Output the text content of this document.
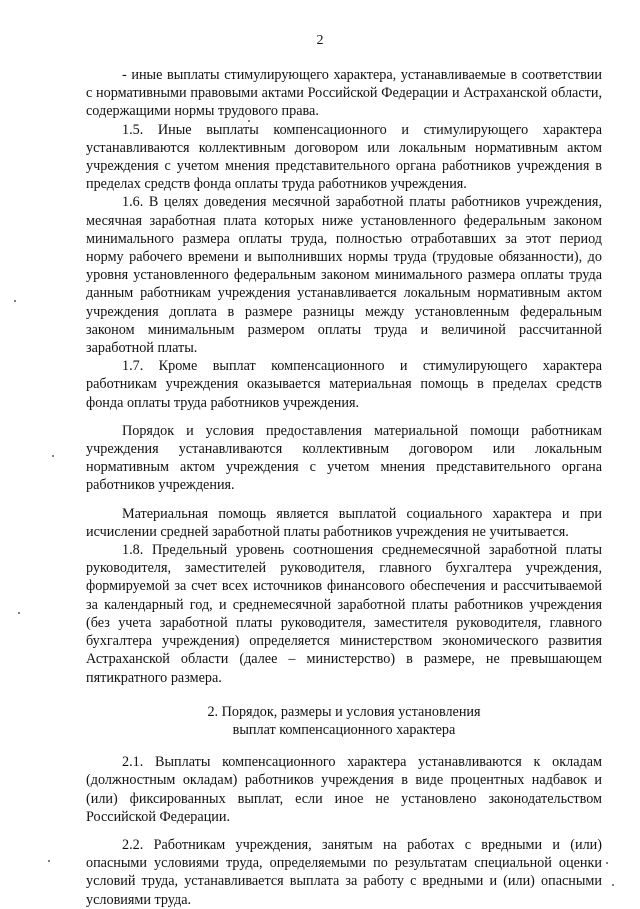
2

- иные выплаты стимулирующего характера, устанавливаемые в соответствии с нормативными правовыми актами Российской Федерации и Астраханской области, содержащими нормы трудового права.

1.5. Иные выплаты компенсационного и стимулирующего характера устанавливаются коллективным договором или локальным нормативным актом учреждения с учетом мнения представительного органа работников учреждения в пределах средств фонда оплаты труда работников учреждения.

1.6. В целях доведения месячной заработной платы работников учреждения, месячная заработная плата которых ниже установленного федеральным законом минимального размера оплаты труда, полностью отработавших за этот период норму рабочего времени и выполнивших нормы труда (трудовые обязанности), до уровня установленного федеральным законом минимального размера оплаты труда данным работникам учреждения устанавливается локальным нормативным актом учреждения доплата в размере разницы между установленным федеральным законом минимальным размером оплаты труда и величиной рассчитанной заработной платы.

1.7. Кроме выплат компенсационного и стимулирующего характера работникам учреждения оказывается материальная помощь в пределах средств фонда оплаты труда работников учреждения.

Порядок и условия предоставления материальной помощи работникам учреждения устанавливаются коллективным договором или локальным нормативным актом учреждения с учетом мнения представительного органа работников учреждения.

Материальная помощь является выплатой социального характера и при исчислении средней заработной платы работников учреждения не учитывается.

1.8. Предельный уровень соотношения среднемесячной заработной платы руководителя, заместителей руководителя, главного бухгалтера учреждения, формируемой за счет всех источников финансового обеспечения и рассчитываемой за календарный год, и среднемесячной заработной платы работников учреждения (без учета заработной платы руководителя, заместителя руководителя, главного бухгалтера учреждения) определяется министерством экономического развития Астраханской области (далее – министерство) в размере, не превышающем пятикратного размера.

2. Порядок, размеры и условия установления
выплат компенсационного характера

2.1. Выплаты компенсационного характера устанавливаются к окладам (должностным окладам) работников учреждения в виде процентных надбавок и (или) фиксированных выплат, если иное не установлено законодательством Российской Федерации.

2.2. Работникам учреждения, занятым на работах с вредными и (или) опасными условиями труда, определяемыми по результатам специальной оценки условий труда, устанавливается выплата за работу с вредными и (или) опасными условиями труда.
